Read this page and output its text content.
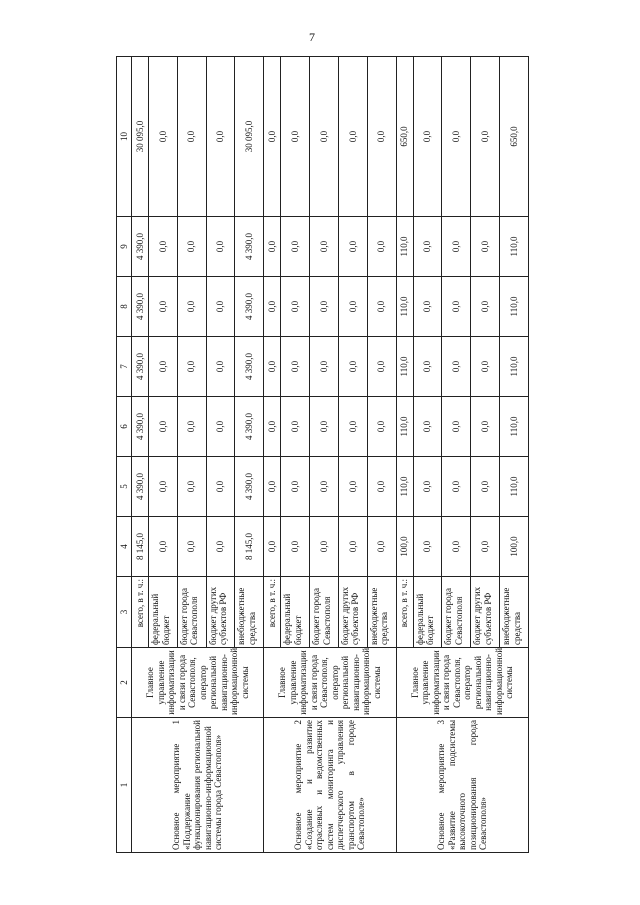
7
1	2	3	4	5	6	7	8	9	10
Основное мероприятие 1 «Поддержание функционирования региональной навигационно-информационной системы города Севастополя»	Главное управление информатизации и связи города Севастополя, оператор региональной навигационно-информационной системы	всего, в т. ч.:	8 145,0	4 390,0	4 390,0	4 390,0	4 390,0	4 390,0	30 095,0
		федеральный бюджет	0,0	0,0	0,0	0,0	0,0	0,0	0,0
		бюджет города Севастополя	0,0	0,0	0,0	0,0	0,0	0,0	0,0
		бюджет других субъектов РФ	0,0	0,0	0,0	0,0	0,0	0,0	0,0
		внебюджетные средства	8 145,0	4 390,0	4 390,0	4 390,0	4 390,0	4 390,0	30 095,0
Основное мероприятие 2 «Создание и развитие отраслевых и ведомственных систем мониторинга и диспетчерского управления транспортом в городе Севастополе»	Главное управление информатизации и связи города Севастополя, оператор региональной навигационно-информационной системы	всего, в т. ч.:	0,0	0,0	0,0	0,0	0,0	0,0	0,0
		федеральный бюджет	0,0	0,0	0,0	0,0	0,0	0,0	0,0
		бюджет города Севастополя	0,0	0,0	0,0	0,0	0,0	0,0	0,0
		бюджет других субъектов РФ	0,0	0,0	0,0	0,0	0,0	0,0	0,0
		внебюджетные средства	0,0	0,0	0,0	0,0	0,0	0,0	0,0
Основное мероприятие 3 «Развитие подсистемы высокоточного позиционирования города Севастополя»	Главное управление информатизации и связи города Севастополя, оператор региональной навигационно-информационной системы	всего, в т. ч.:	100,0	110,0	110,0	110,0	110,0	110,0	650,0
		федеральный бюджет	0,0	0,0	0,0	0,0	0,0	0,0	0,0
		бюджет города Севастополя	0,0	0,0	0,0	0,0	0,0	0,0	0,0
		бюджет других субъектов РФ	0,0	0,0	0,0	0,0	0,0	0,0	0,0
		внебюджетные средства	100,0	110,0	110,0	110,0	110,0	110,0	650,0
